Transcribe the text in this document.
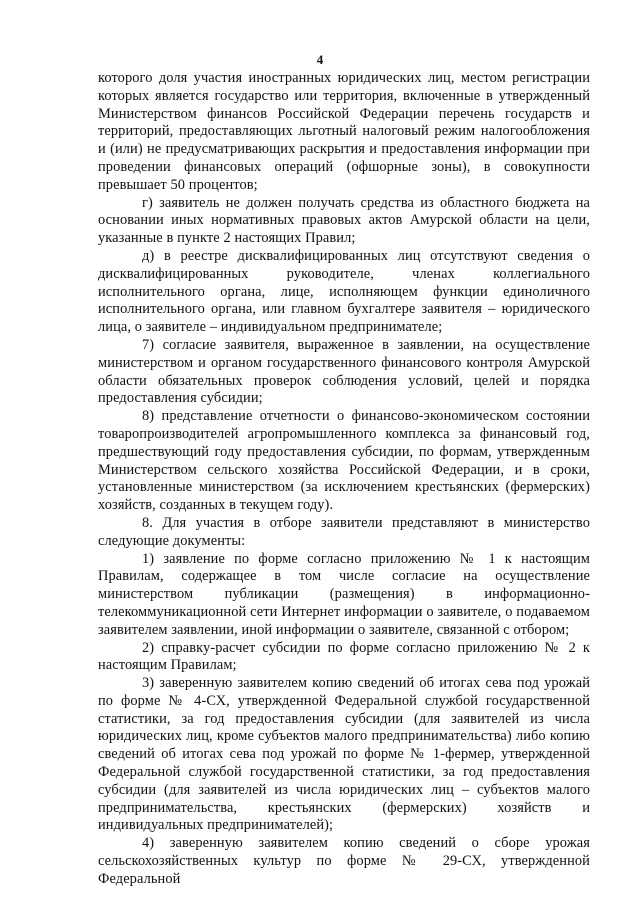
4

которого доля участия иностранных юридических лиц, местом регистрации которых является государство или территория, включенные в утвержденный Министерством финансов Российской Федерации перечень государств и территорий, предоставляющих льготный налоговый режим налогообложения и (или) не предусматривающих раскрытия и предоставления информации при проведении финансовых операций (офшорные зоны), в совокупности превышает 50 процентов;

г) заявитель не должен получать средства из областного бюджета на основании иных нормативных правовых актов Амурской области на цели, указанные в пункте 2 настоящих Правил;

д) в реестре дисквалифицированных лиц отсутствуют сведения о дисквалифицированных руководителе, членах коллегиального исполнительного органа, лице, исполняющем функции единоличного исполнительного органа, или главном бухгалтере заявителя – юридического лица, о заявителе – индивидуальном предпринимателе;

7) согласие заявителя, выраженное в заявлении, на осуществление министерством и органом государственного финансового контроля Амурской области обязательных проверок соблюдения условий, целей и порядка предоставления субсидии;

8) представление отчетности о финансово-экономическом состоянии товаропроизводителей агропромышленного комплекса за финансовый год, предшествующий году предоставления субсидии, по формам, утвержденным Министерством сельского хозяйства Российской Федерации, и в сроки, установленные министерством (за исключением крестьянских (фермерских) хозяйств, созданных в текущем году).

8. Для участия в отборе заявители представляют в министерство следующие документы:

1) заявление по форме согласно приложению № 1 к настоящим Правилам, содержащее в том числе согласие на осуществление министерством публикации (размещения) в информационно-телекоммуникационной сети Интернет информации о заявителе, о подаваемом заявителем заявлении, иной информации о заявителе, связанной с отбором;

2) справку-расчет субсидии по форме согласно приложению № 2 к настоящим Правилам;

3) заверенную заявителем копию сведений об итогах сева под урожай по форме № 4-СХ, утвержденной Федеральной службой государственной статистики, за год предоставления субсидии (для заявителей из числа юридических лиц, кроме субъектов малого предпринимательства) либо копию сведений об итогах сева под урожай по форме № 1-фермер, утвержденной Федеральной службой государственной статистики, за год предоставления субсидии (для заявителей из числа юридических лиц – субъектов малого предпринимательства, крестьянских (фермерских) хозяйств и индивидуальных предпринимателей);

4) заверенную заявителем копию сведений о сборе урожая сельскохозяйственных культур по форме № 29-СХ, утвержденной Федеральной
